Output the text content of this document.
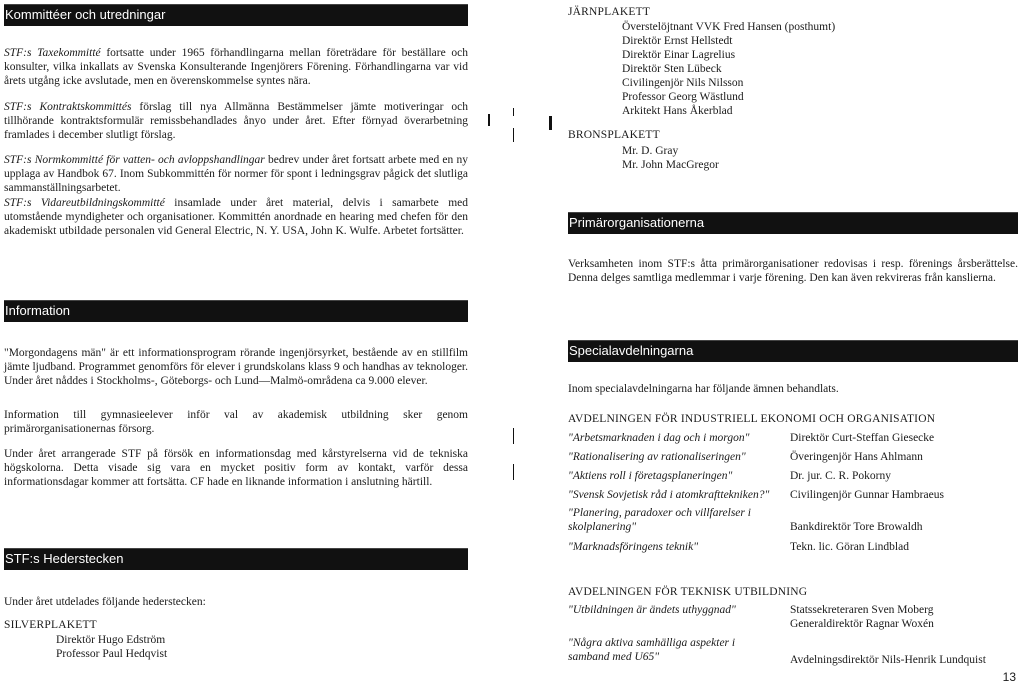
Kommittéer och utredningar

STF:s Taxekommitté fortsatte under 1965 förhandlingarna mellan företrädare för beställare och konsulter, vilka inkallats av Svenska Konsulterande Ingenjörers Förening. Förhandlingarna var vid årets utgång icke avslutade, men en överenskommelse syntes nära.

STF:s Kontraktskommittés förslag till nya Allmänna Bestämmelser jämte motiveringar och tillhörande kontraktsformulär remissbehandlades ånyo under året. Efter förnyad överarbetning framlades i december slutligt förslag.

STF:s Normkommitté för vatten- och avloppshandlingar bedrev under året fortsatt arbete med en ny upplaga av Handbok 67. Inom Subkommittén för normer för spont i ledningsgrav pågick det slutliga sammanställningsarbetet.

STF:s Vidareutbildningskommitté insamlade under året material, delvis i samarbete med utomstående myndigheter och organisationer. Kommittén anordnade en hearing med chefen för den akademiskt utbildade personalen vid General Electric, N. Y. USA, John K. Wulfe. Arbetet fortsätter.

Information

"Morgondagens män" är ett informationsprogram rörande ingenjörsyrket, bestående av en stillfilm jämte ljudband. Programmet genomförs för elever i grundskolans klass 9 och handhas av teknologer. Under året nåddes i Stockholms-, Göteborgs- och Lund—Malmö-områdena ca 9.000 elever.

Information till gymnasieelever inför val av akademisk utbildning sker genom primärorganisationernas försorg.

Under året arrangerade STF på försök en informationsdag med kårstyrelserna vid de tekniska högskolorna. Detta visade sig vara en mycket positiv form av kontakt, varför dessa informationsdagar kommer att fortsätta. CF hade en liknande information i anslutning härtill.

STF:s Hederstecken
Under året utdelades följande hederstecken:
SILVERPLAKETT
Direktör Hugo Edström
Professor Paul Hedqvist
JÄRNPLAKETT
Överstelöjtnant VVK Fred Hansen (posthumt)
Direktör Ernst Hellstedt
Direktör Einar Lagrelius
Direktör Sten Lübeck
Civilingenjör Nils Nilsson
Professor Georg Wästlund
Arkitekt Hans Åkerblad
BRONSPLAKETT
Mr. D. Gray
Mr. John MacGregor
Primärorganisationerna

Verksamheten inom STF:s åtta primärorganisationer redovisas i resp. förenings årsberättelse. Denna delges samtliga medlemmar i varje förening. Den kan även rekvireras från kanslierna.

Specialavdelningarna

Inom specialavdelningarna har följande ämnen behandlats.

AVDELNINGEN FÖR INDUSTRIELL EKONOMI OCH ORGANISATION
"Arbetsmarknaden i dag och i morgon"	Direktör Curt-Steffan Giesecke
"Rationalisering av rationaliseringen"	Överingenjör Hans Ahlmann
"Aktiens roll i företagsplaneringen"	Dr. jur. C. R. Pokorny
"Svensk Sovjetisk råd i atomkrafttekniken?"	Civilingenjör Gunnar Hambraeus
"Planering, paradoxer och villfarelser i skolplanering"	Bankdirektör Tore Browaldh
"Marknadsföringens teknik"	Tekn. lic. Göran Lindblad
AVDELNINGEN FÖR TEKNISK UTBILDNING
"Utbildningen är ändets uthyggnad"	Statssekreteraren Sven Moberg
Generaldirektör Ragnar Woxén
"Några aktiva samhälliga aspekter i samband med U65"	Avdelningsdirektör Nils-Henrik Lundquist
13
